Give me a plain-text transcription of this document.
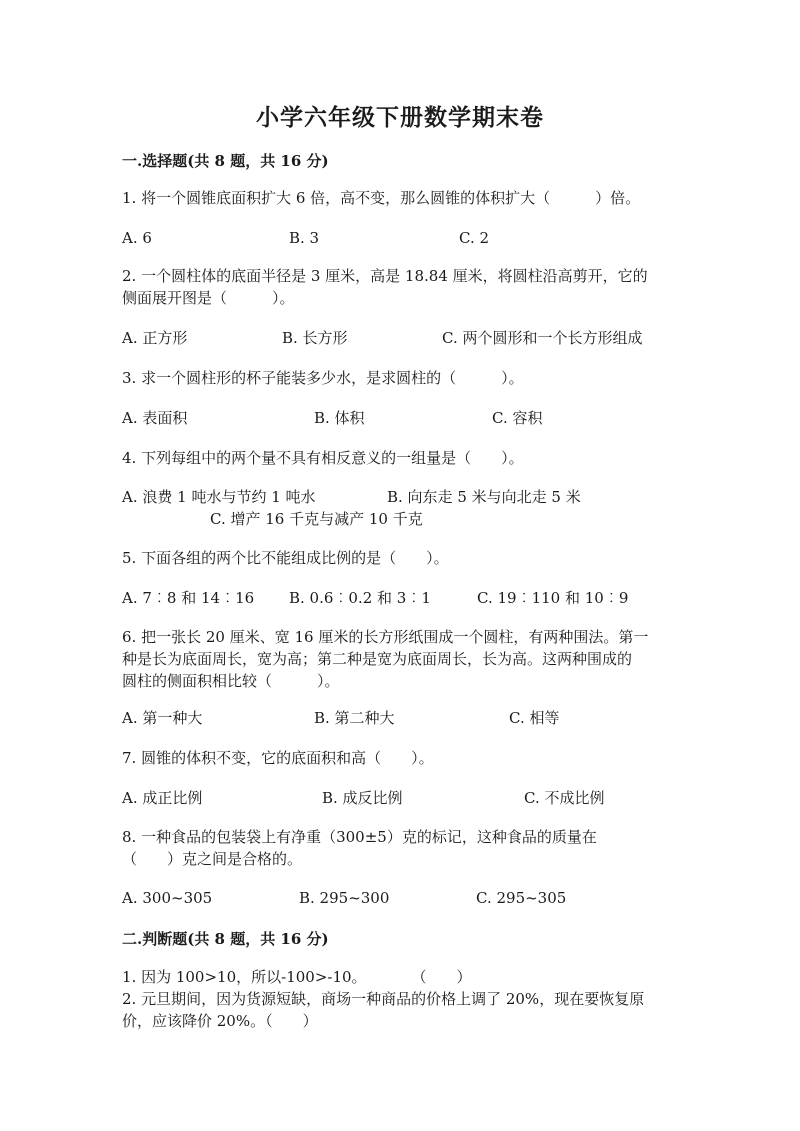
小学六年级下册数学期末卷
一.选择题(共 8 题，共 16 分)
1. 将一个圆锥底面积扩大 6 倍，高不变，那么圆锥的体积扩大（　　　）倍。
A. 6	B. 3	C. 2
2. 一个圆柱体的底面半径是 3 厘米，高是 18.84 厘米，将圆柱沿高剪开，它的
侧面展开图是（　　　）。
A. 正方形	B. 长方形	C. 两个圆形和一个长方形组成
3. 求一个圆柱形的杯子能装多少水，是求圆柱的（　　　）。
A. 表面积	B. 体积	C. 容积
4. 下列每组中的两个量不具有相反意义的一组量是（　　）。
A. 浪费 1 吨水与节约 1 吨水	B. 向东走 5 米与向北走 5 米
C. 增产 16 千克与减产 10 千克
5. 下面各组的两个比不能组成比例的是（　　）。
A. 7︰8 和 14︰16 B. 0.6︰0.2 和 3︰1	C. 19︰110 和 10︰9
6. 把一张长 20 厘米、宽 16 厘米的长方形纸围成一个圆柱，有两种围法。第一
种是长为底面周长，宽为高；第二种是宽为底面周长，长为高。这两种围成的
圆柱的侧面积相比较（　　　）。
A. 第一种大	B. 第二种大	C. 相等
7. 圆锥的体积不变，它的底面积和高（　　）。
A. 成正比例	B. 成反比例	C. 不成比例
8. 一种食品的包装袋上有净重（300±5）克的标记，这种食品的质量在
（　　）克之间是合格的。
A. 300~305	B. 295~300	C. 295~305
二.判断题(共 8 题，共 16 分)
1. 因为 100>10，所以-100>-10。　　　　（　　）
2. 元旦期间，因为货源短缺，商场一种商品的价格上调了 20%，现在要恢复原
价，应该降价 20%。（　　）
